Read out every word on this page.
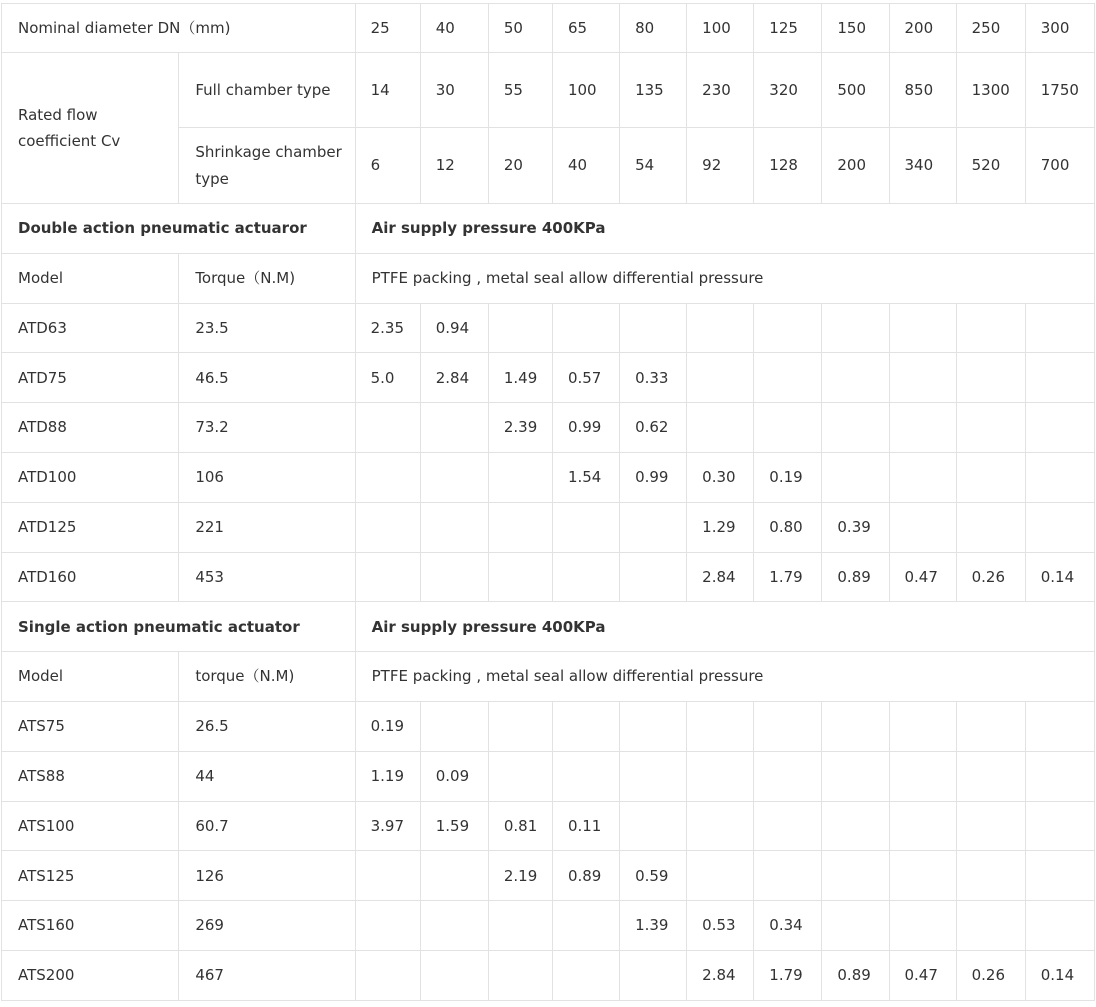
Nominal diameter DN（mm)		25	40	50	65	80	100	125	150	200	250	300
Rated flow coefficient Cv	Full chamber type	14	30	55	100	135	230	320	500	850	1300	1750
	Shrinkage chamber type	6	12	20	40	54	92	128	200	340	520	700
Double action pneumatic actuaror		Air supply pressure 400KPa										
Model	Torque（N.M)	PTFE packing , metal seal allow differential pressure										
ATD63	23.5	2.35	0.94									
ATD75	46.5	5.0	2.84	1.49	0.57	0.33						
ATD88	73.2			2.39	0.99	0.62						
ATD100	106				1.54	0.99	0.30	0.19				
ATD125	221						1.29	0.80	0.39			
ATD160	453						2.84	1.79	0.89	0.47	0.26	0.14
Single action pneumatic actuator		Air supply pressure 400KPa										
Model	torque（N.M)	PTFE packing , metal seal allow differential pressure										
ATS75	26.5	0.19										
ATS88	44	1.19	0.09									
ATS100	60.7	3.97	1.59	0.81	0.11							
ATS125	126			2.19	0.89	0.59						
ATS160	269					1.39	0.53	0.34				
ATS200	467						2.84	1.79	0.89	0.47	0.26	0.14
